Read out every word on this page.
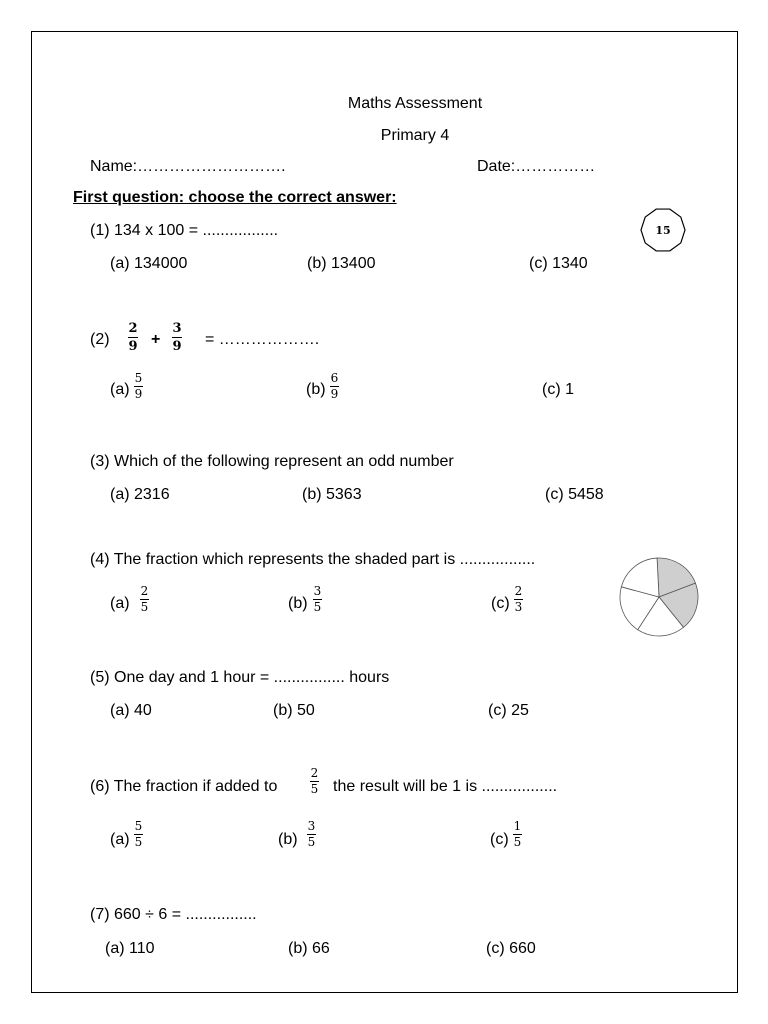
Maths Assessment
Primary 4
Name:……………………….	Date:……………
First question: choose the correct answer:
15
(1) 134 x 100 = .................
(a) 134000	(b) 13400	(c) 1340
(2)
2
9 +
3
9 = ……………….
(a)
5
9	(b)
6
9	(c) 1
(3) Which of the following represent an odd number
(a) 2316	(b) 5363	(c) 5458
(4) The fraction which represents the shaded part is .................
(a)
2
5	(b)
3
5	(c)
2
3
(5) One day and 1 hour = ................ hours
(a) 40	(b) 50	(c) 25
(6) The fraction if added to
2
5 the result will be 1 is .................
(a)
5
5	(b)
3
5	(c)
1
5
(7) 660 ÷ 6 = ................
(a) 110	(b) 66	(c) 660
